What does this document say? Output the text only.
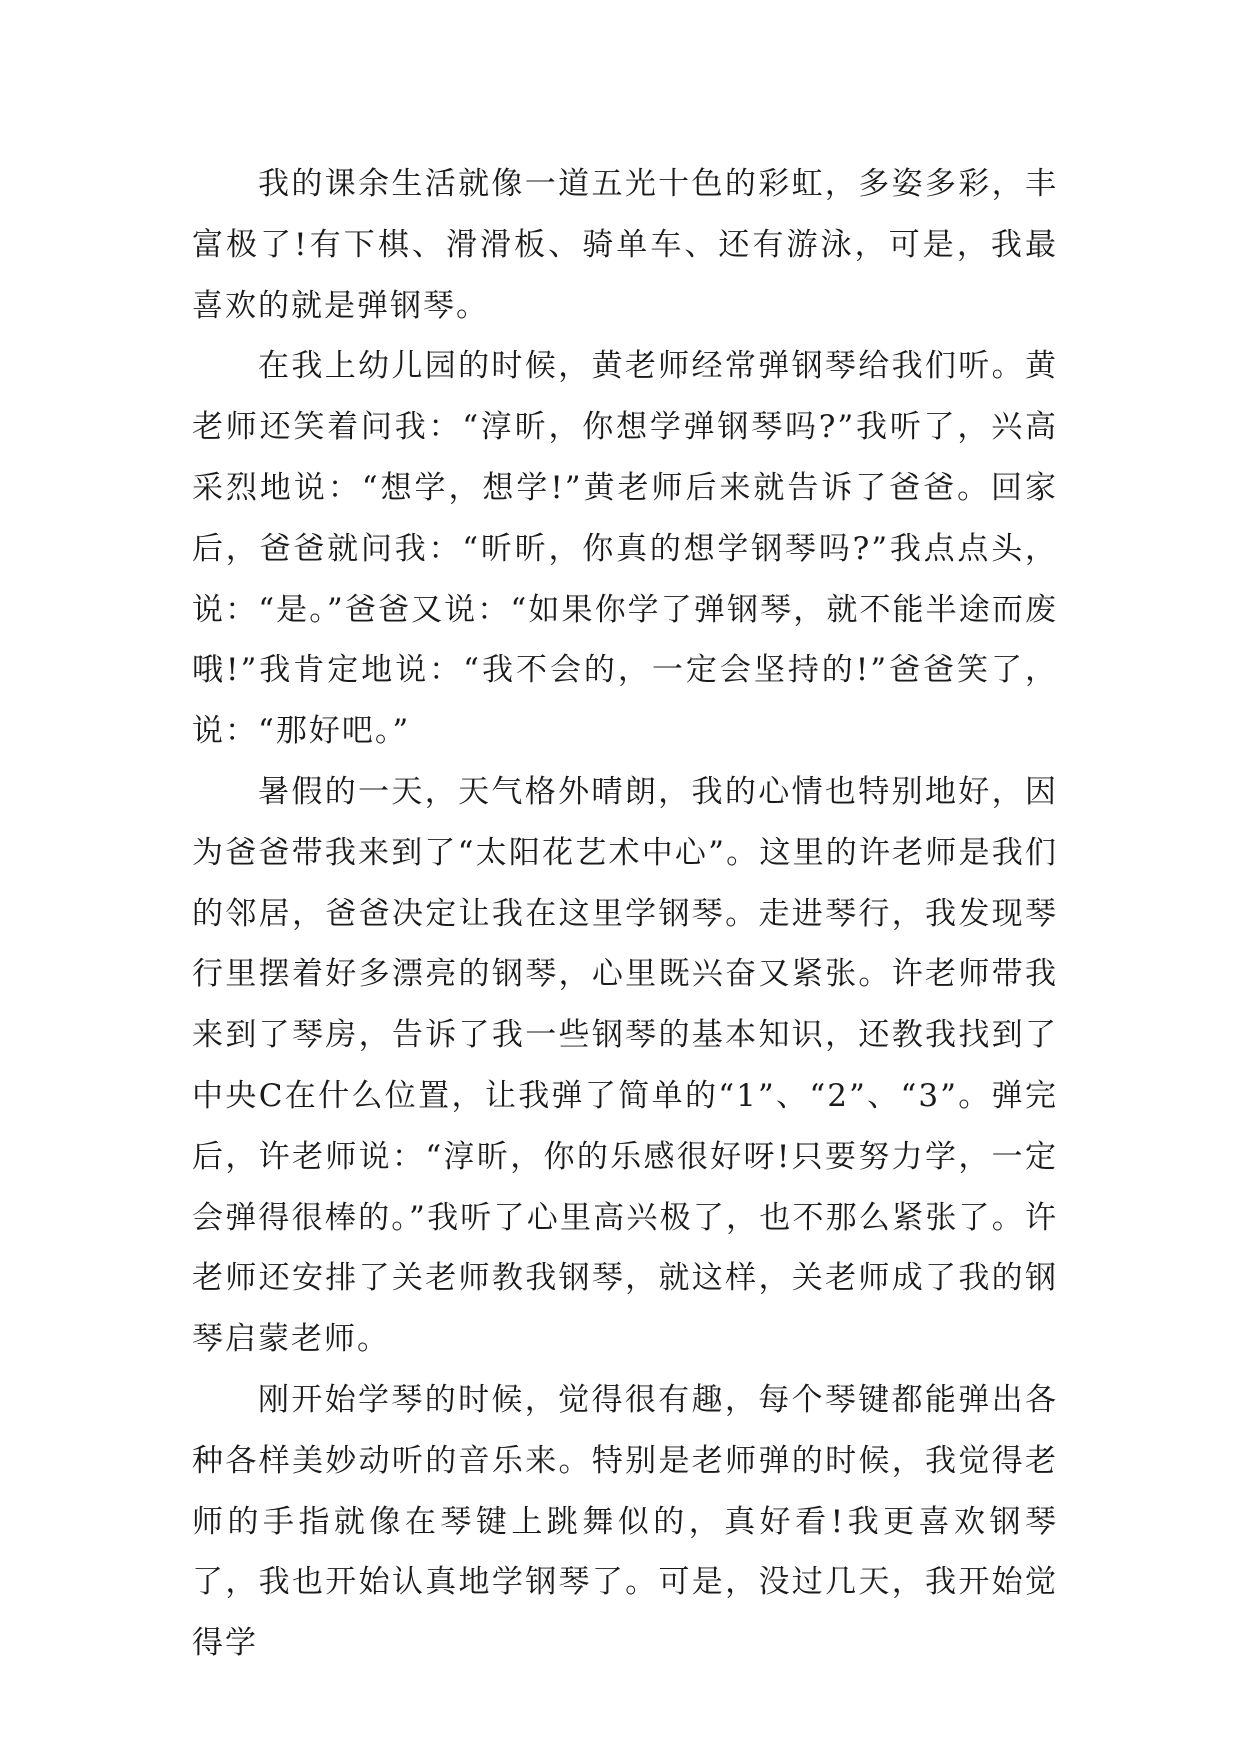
我的课余生活就像一道五光十色的彩虹，多姿多彩，丰富极了!有下棋、滑滑板、骑单车、还有游泳，可是，我最喜欢的就是弹钢琴。

在我上幼儿园的时候，黄老师经常弹钢琴给我们听。黄老师还笑着问我：“淳昕，你想学弹钢琴吗?”我听了，兴高采烈地说：“想学，想学!”黄老师后来就告诉了爸爸。回家后，爸爸就问我：“昕昕，你真的想学钢琴吗?”我点点头，说：“是。”爸爸又说：“如果你学了弹钢琴，就不能半途而废哦!”我肯定地说：“我不会的，一定会坚持的!”爸爸笑了，说：“那好吧。”

暑假的一天，天气格外晴朗，我的心情也特别地好，因为爸爸带我来到了“太阳花艺术中心”。这里的许老师是我们的邻居，爸爸决定让我在这里学钢琴。走进琴行，我发现琴行里摆着好多漂亮的钢琴，心里既兴奋又紧张。许老师带我来到了琴房，告诉了我一些钢琴的基本知识，还教我找到了中央C在什么位置，让我弹了简单的“1”、“2”、“3”。弹完后，许老师说：“淳昕，你的乐感很好呀!只要努力学，一定会弹得很棒的。”我听了心里高兴极了，也不那么紧张了。许老师还安排了关老师教我钢琴，就这样，关老师成了我的钢琴启蒙老师。

刚开始学琴的时候，觉得很有趣，每个琴键都能弹出各种各样美妙动听的音乐来。特别是老师弹的时候，我觉得老师的手指就像在琴键上跳舞似的，真好看!我更喜欢钢琴了，我也开始认真地学钢琴了。可是，没过几天，我开始觉得学
